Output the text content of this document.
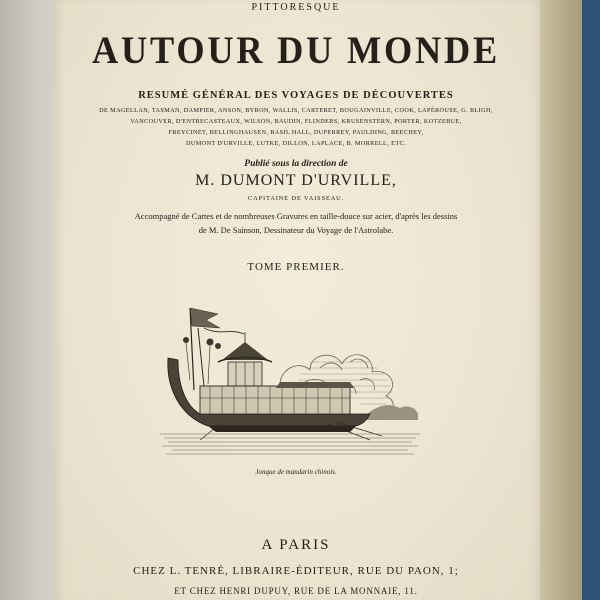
PITTORESQUE
AUTOUR DU MONDE
RESUMÉ GÉNÉRAL DES VOYAGES DE DÉCOUVERTES
DE MAGELLAN, TASMAN, DAMPIER, ANSON, BYRON, WALLIS, CARTERET, BOUGAINVILLE, COOK, LAPÉROUSE, G. BLIGH,
VANCOUVER, D'ENTRECASTEAUX, WILSON, BAUDIN, FLINDERS, KRUSENSTERN, PORTER, KOTZEBUE,
FREYCINET, BELLINGHAUSEN, BASIL HALL, DUPERREY, PAULDING, BEECHEY,
DUMONT D'URVILLE, LUTKE, DILLON, LAPLACE, B. MORRELL, ETC.
Publié sous la direction de
M. DUMONT D'URVILLE,
CAPITAINE DE VAISSEAU.
Accompagné de Cartes et de nombreuses Gravures en taille-douce sur acier, d'après les dessins
de M. De Sainson, Dessinateur du Voyage de l'Astrolabe.
TOME PREMIER.
Jonque de mandarin chinois.
A PARIS
CHEZ L. TENRÉ, LIBRAIRE-ÉDITEUR, RUE DU PAON, 1;
ET CHEZ HENRI DUPUY, RUE DE LA MONNAIE, 11.
